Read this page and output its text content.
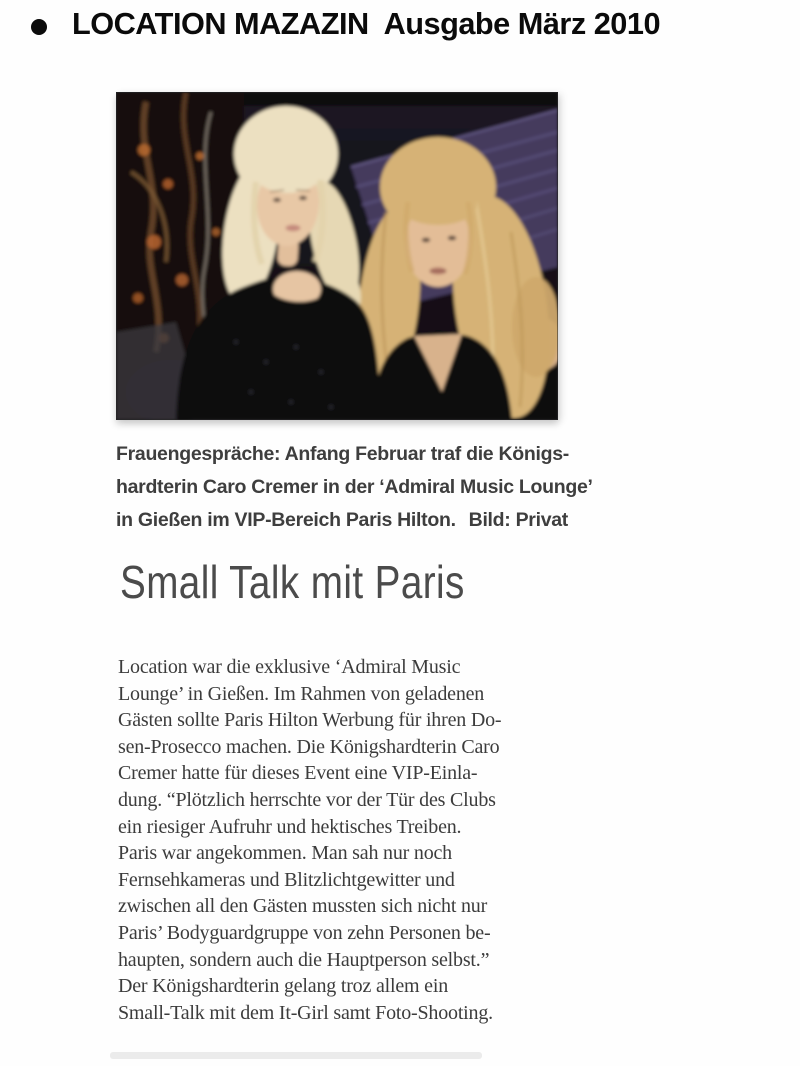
LOCATION MAZAZIN  Ausgabe März 2010
Frauengespräche: Anfang Februar traf die Königs-
hardterin Caro Cremer in der ‘Admiral Music Lounge’
in Gießen im VIP-Bereich Paris Hilton. Bild: Privat
Small Talk mit Paris
Location war die exklusive ‘Admiral Music
Lounge’ in Gießen. Im Rahmen von geladenen
Gästen sollte Paris Hilton Werbung für ihren Do-
sen-Prosecco machen. Die Königshardterin Caro
Cremer hatte für dieses Event eine VIP-Einla-
dung. “Plötzlich herrschte vor der Tür des Clubs
ein riesiger Aufruhr und hektisches Treiben.
Paris war angekommen. Man sah nur noch
Fernsehkameras und Blitzlichtgewitter und
zwischen all den Gästen mussten sich nicht nur
Paris’ Bodyguardgruppe von zehn Personen be-
haupten, sondern auch die Hauptperson selbst.”
Der Königshardterin gelang troz allem ein
Small-Talk mit dem It-Girl samt Foto-Shooting.
